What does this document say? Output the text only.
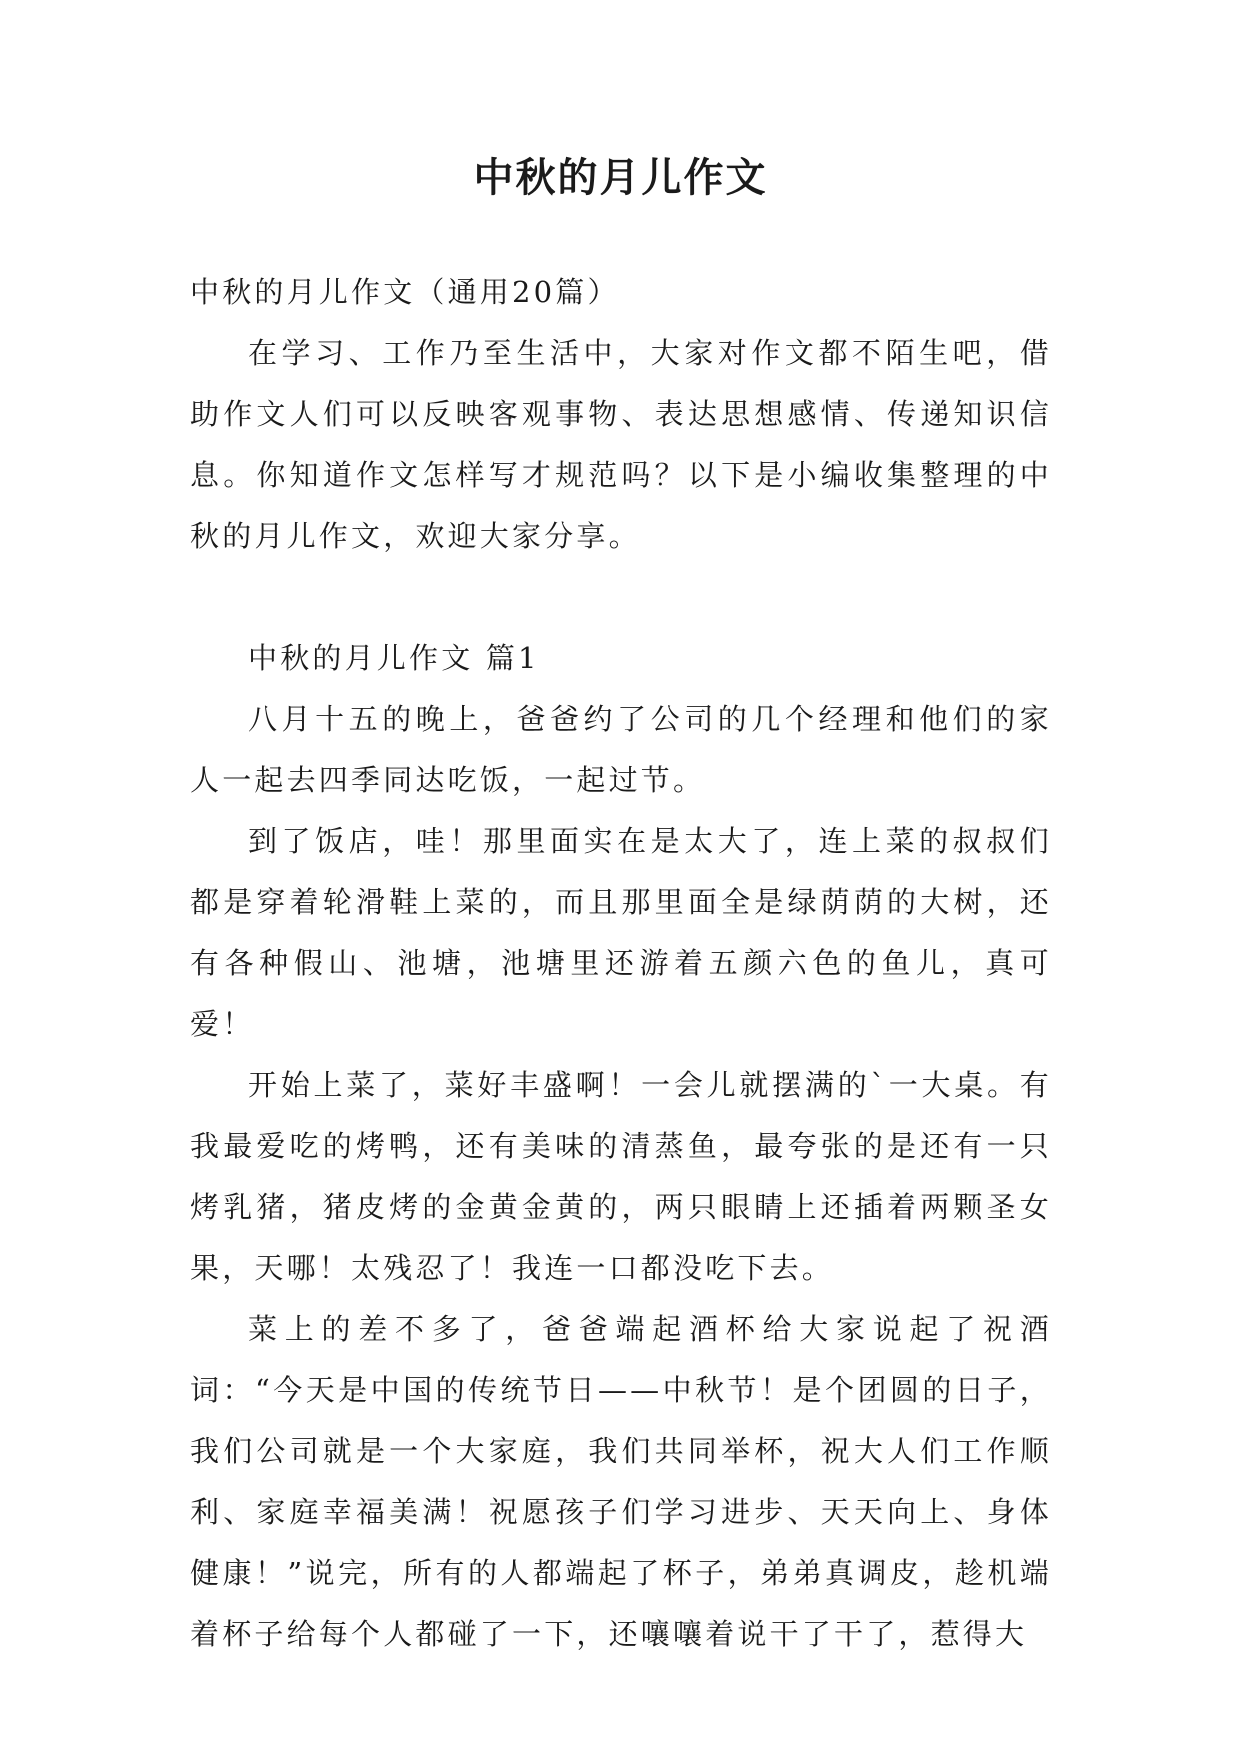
中秋的月儿作文

中秋的月儿作文（通用20篇）

在学习、工作乃至生活中，大家对作文都不陌生吧，借助作文人们可以反映客观事物、表达思想感情、传递知识信息。你知道作文怎样写才规范吗？以下是小编收集整理的中秋的月儿作文，欢迎大家分享。

中秋的月儿作文 篇1

八月十五的晚上，爸爸约了公司的几个经理和他们的家人一起去四季同达吃饭，一起过节。

到了饭店，哇！那里面实在是太大了，连上菜的叔叔们都是穿着轮滑鞋上菜的，而且那里面全是绿荫荫的大树，还有各种假山、池塘，池塘里还游着五颜六色的鱼儿，真可爱！

开始上菜了，菜好丰盛啊！一会儿就摆满的`一大桌。有我最爱吃的烤鸭，还有美味的清蒸鱼，最夸张的是还有一只烤乳猪，猪皮烤的金黄金黄的，两只眼睛上还插着两颗圣女果，天哪！太残忍了！我连一口都没吃下去。

菜上的差不多了，爸爸端起酒杯给大家说起了祝酒词：“今天是中国的传统节日——中秋节！是个团圆的日子，我们公司就是一个大家庭，我们共同举杯，祝大人们工作顺利、家庭幸福美满！祝愿孩子们学习进步、天天向上、身体健康！”说完，所有的人都端起了杯子，弟弟真调皮，趁机端着杯子给每个人都碰了一下，还嚷嚷着说干了干了，惹得大
